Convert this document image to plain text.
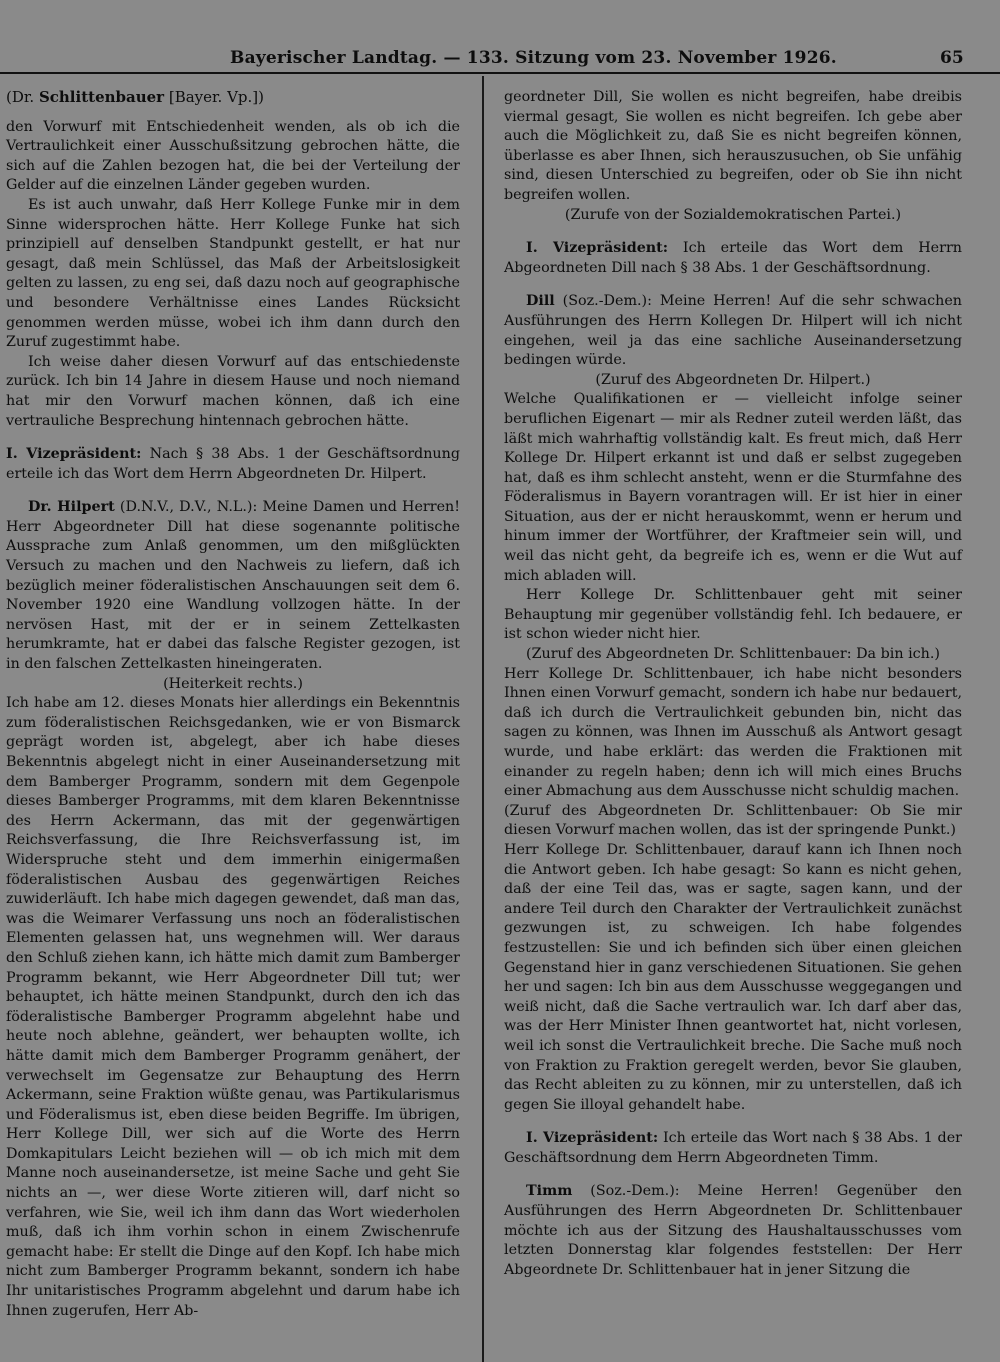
Bayerischer Landtag. — 133. Sitzung vom 23. November 1926.	65

(Dr. Schlittenbauer [Bayer. Vp.])

den Vorwurf mit Entschiedenheit wenden, als ob ich die Vertraulichkeit einer Ausschußsitzung gebrochen hätte, die sich auf die Zahlen bezogen hat, die bei der Verteilung der Gelder auf die einzelnen Länder gegeben wurden.

Es ist auch unwahr, daß Herr Kollege Funke mir in dem Sinne widersprochen hätte. Herr Kollege Funke hat sich prinzipiell auf denselben Standpunkt gestellt, er hat nur gesagt, daß mein Schlüssel, das Maß der Arbeitslosigkeit gelten zu lassen, zu eng sei, daß dazu noch auf geographische und besondere Verhältnisse eines Landes Rücksicht genommen werden müsse, wobei ich ihm dann durch den Zuruf zugestimmt habe.

Ich weise daher diesen Vorwurf auf das entschiedenste zurück. Ich bin 14 Jahre in diesem Hause und noch niemand hat mir den Vorwurf machen können, daß ich eine vertrauliche Besprechung hintennach gebrochen hätte.

I. Vizepräsident: Nach § 38 Abs. 1 der Geschäftsordnung erteile ich das Wort dem Herrn Abgeordneten Dr. Hilpert.

Dr. Hilpert (D.N.V., D.V., N.L.): Meine Damen und Herren! Herr Abgeordneter Dill hat diese sogenannte politische Aussprache zum Anlaß genommen, um den mißglückten Versuch zu machen und den Nachweis zu liefern, daß ich bezüglich meiner föderalistischen Anschauungen seit dem 6. November 1920 eine Wandlung vollzogen hätte. In der nervösen Hast, mit der er in seinem Zettelkasten herumkramte, hat er dabei das falsche Register gezogen, ist in den falschen Zettelkasten hineingeraten.

(Heiterkeit rechts.)

Ich habe am 12. dieses Monats hier allerdings ein Bekenntnis zum föderalistischen Reichsgedanken, wie er von Bismarck geprägt worden ist, abgelegt, aber ich habe dieses Bekenntnis abgelegt nicht in einer Auseinandersetzung mit dem Bamberger Programm, sondern mit dem Gegenpole dieses Bamberger Programms, mit dem klaren Bekenntnisse des Herrn Ackermann, das mit der gegenwärtigen Reichsverfassung, die Ihre Reichsverfassung ist, im Widerspruche steht und dem immerhin einigermaßen föderalistischen Ausbau des gegenwärtigen Reiches zuwiderläuft. Ich habe mich dagegen gewendet, daß man das, was die Weimarer Verfassung uns noch an föderalistischen Elementen gelassen hat, uns wegnehmen will. Wer daraus den Schluß ziehen kann, ich hätte mich damit zum Bamberger Programm bekannt, wie Herr Abgeordneter Dill tut; wer behauptet, ich hätte meinen Standpunkt, durch den ich das föderalistische Bamberger Programm abgelehnt habe und heute noch ablehne, geändert, wer behaupten wollte, ich hätte damit mich dem Bamberger Programm genähert, der verwechselt im Gegensatze zur Behauptung des Herrn Ackermann, seine Fraktion wüßte genau, was Partikularismus und Föderalismus ist, eben diese beiden Begriffe. Im übrigen, Herr Kollege Dill, wer sich auf die Worte des Herrn Domkapitulars Leicht beziehen will — ob ich mich mit dem Manne noch auseinandersetze, ist meine Sache und geht Sie nichts an —, wer diese Worte zitieren will, darf nicht so verfahren, wie Sie, weil ich ihm dann das Wort wiederholen muß, daß ich ihm vorhin schon in einem Zwischenrufe gemacht habe: Er stellt die Dinge auf den Kopf. Ich habe mich nicht zum Bamberger Programm bekannt, sondern ich habe Ihr unitaristisches Programm abgelehnt und darum habe ich Ihnen zugerufen, Herr Ab-

geordneter Dill, Sie wollen es nicht begreifen, habe dreibis viermal gesagt, Sie wollen es nicht begreifen. Ich gebe aber auch die Möglichkeit zu, daß Sie es nicht begreifen können, überlasse es aber Ihnen, sich herauszusuchen, ob Sie unfähig sind, diesen Unterschied zu begreifen, oder ob Sie ihn nicht begreifen wollen.

(Zurufe von der Sozialdemokratischen Partei.)

I. Vizepräsident: Ich erteile das Wort dem Herrn Abgeordneten Dill nach § 38 Abs. 1 der Geschäftsordnung.

Dill (Soz.-Dem.): Meine Herren! Auf die sehr schwachen Ausführungen des Herrn Kollegen Dr. Hilpert will ich nicht eingehen, weil ja das eine sachliche Auseinandersetzung bedingen würde.

(Zuruf des Abgeordneten Dr. Hilpert.)

Welche Qualifikationen er — vielleicht infolge seiner beruflichen Eigenart — mir als Redner zuteil werden läßt, das läßt mich wahrhaftig vollständig kalt. Es freut mich, daß Herr Kollege Dr. Hilpert erkannt ist und daß er selbst zugegeben hat, daß es ihm schlecht ansteht, wenn er die Sturmfahne des Föderalismus in Bayern vorantragen will. Er ist hier in einer Situation, aus der er nicht herauskommt, wenn er herum und hinum immer der Wortführer, der Kraftmeier sein will, und weil das nicht geht, da begreife ich es, wenn er die Wut auf mich abladen will.

Herr Kollege Dr. Schlittenbauer geht mit seiner Behauptung mir gegenüber vollständig fehl. Ich bedauere, er ist schon wieder nicht hier.

(Zuruf des Abgeordneten Dr. Schlittenbauer: Da bin ich.)

Herr Kollege Dr. Schlittenbauer, ich habe nicht besonders Ihnen einen Vorwurf gemacht, sondern ich habe nur bedauert, daß ich durch die Vertraulichkeit gebunden bin, nicht das sagen zu können, was Ihnen im Ausschuß als Antwort gesagt wurde, und habe erklärt: das werden die Fraktionen mit einander zu regeln haben; denn ich will mich eines Bruchs einer Abmachung aus dem Ausschusse nicht schuldig machen.

(Zuruf des Abgeordneten Dr. Schlittenbauer: Ob Sie mir diesen Vorwurf machen wollen, das ist der springende Punkt.)

Herr Kollege Dr. Schlittenbauer, darauf kann ich Ihnen noch die Antwort geben. Ich habe gesagt: So kann es nicht gehen, daß der eine Teil das, was er sagte, sagen kann, und der andere Teil durch den Charakter der Vertraulichkeit zunächst gezwungen ist, zu schweigen. Ich habe folgendes festzustellen: Sie und ich befinden sich über einen gleichen Gegenstand hier in ganz verschiedenen Situationen. Sie gehen her und sagen: Ich bin aus dem Ausschusse weggegangen und weiß nicht, daß die Sache vertraulich war. Ich darf aber das, was der Herr Minister Ihnen geantwortet hat, nicht vorlesen, weil ich sonst die Vertraulichkeit breche. Die Sache muß noch von Fraktion zu Fraktion geregelt werden, bevor Sie glauben, das Recht ableiten zu zu können, mir zu unterstellen, daß ich gegen Sie illoyal gehandelt habe.

I. Vizepräsident: Ich erteile das Wort nach § 38 Abs. 1 der Geschäftsordnung dem Herrn Abgeordneten Timm.

Timm (Soz.-Dem.): Meine Herren! Gegenüber den Ausführungen des Herrn Abgeordneten Dr. Schlittenbauer möchte ich aus der Sitzung des Haushaltausschusses vom letzten Donnerstag klar folgendes feststellen: Der Herr Abgeordnete Dr. Schlittenbauer hat in jener Sitzung die
